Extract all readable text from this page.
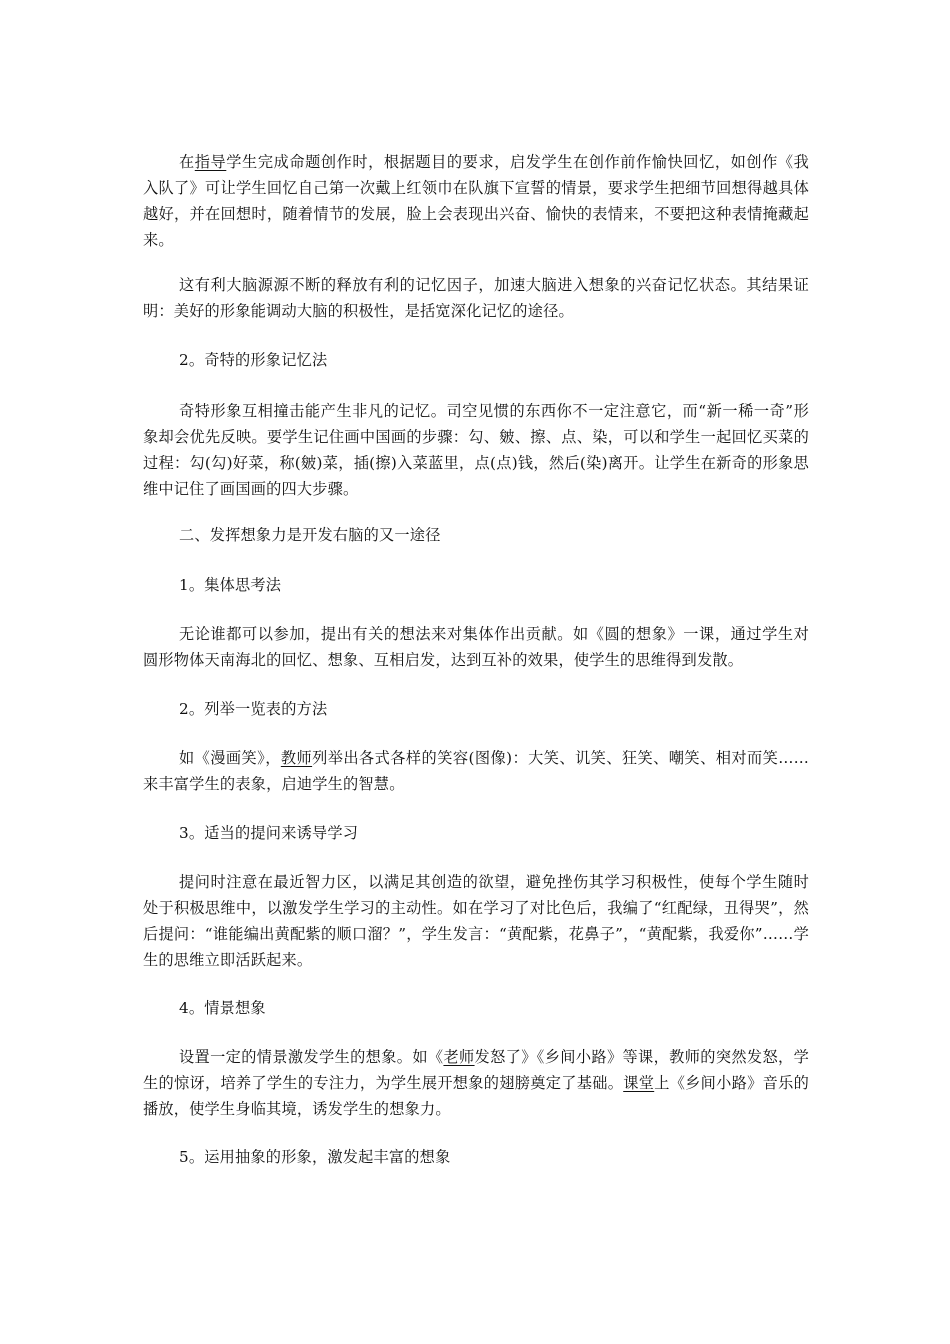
在指导学生完成命题创作时，根据题目的要求，启发学生在创作前作愉快回忆，如创作《我入队了》可让学生回忆自己第一次戴上红领巾在队旗下宣誓的情景，要求学生把细节回想得越具体越好，并在回想时，随着情节的发展，脸上会表现出兴奋、愉快的表情来，不要把这种表情掩藏起来。
这有利大脑源源不断的释放有利的记忆因子，加速大脑进入想象的兴奋记忆状态。其结果证明：美好的形象能调动大脑的积极性，是括宽深化记忆的途径。
2。奇特的形象记忆法
奇特形象互相撞击能产生非凡的记忆。司空见惯的东西你不一定注意它，而“新一稀一奇”形象却会优先反映。要学生记住画中国画的步骤：勾、皴、擦、点、染，可以和学生一起回忆买菜的过程：勾(勾)好菜，称(皴)菜，插(擦)入菜蓝里，点(点)钱，然后(染)离开。让学生在新奇的形象思维中记住了画国画的四大步骤。
二、发挥想象力是开发右脑的又一途径
1。集体思考法
无论谁都可以参加，提出有关的想法来对集体作出贡献。如《圆的想象》一课，通过学生对圆形物体天南海北的回忆、想象、互相启发，达到互补的效果，使学生的思维得到发散。
2。列举一览表的方法
如《漫画笑》，教师列举出各式各样的笑容(图像)：大笑、讥笑、狂笑、嘲笑、相对而笑……来丰富学生的表象，启迪学生的智慧。
3。适当的提问来诱导学习
提问时注意在最近智力区，以满足其创造的欲望，避免挫伤其学习积极性，使每个学生随时处于积极思维中，以激发学生学习的主动性。如在学习了对比色后，我编了“红配绿，丑得哭”，然后提问：“谁能编出黄配紫的顺口溜？”，学生发言：“黄配紫，花鼻子”，“黄配紫，我爱你”……学生的思维立即活跃起来。
4。情景想象
设置一定的情景激发学生的想象。如《老师发怒了》《乡间小路》等课，教师的突然发怒，学生的惊讶，培养了学生的专注力，为学生展开想象的翅膀奠定了基础。课堂上《乡间小路》音乐的播放，使学生身临其境，诱发学生的想象力。
5。运用抽象的形象，激发起丰富的想象
